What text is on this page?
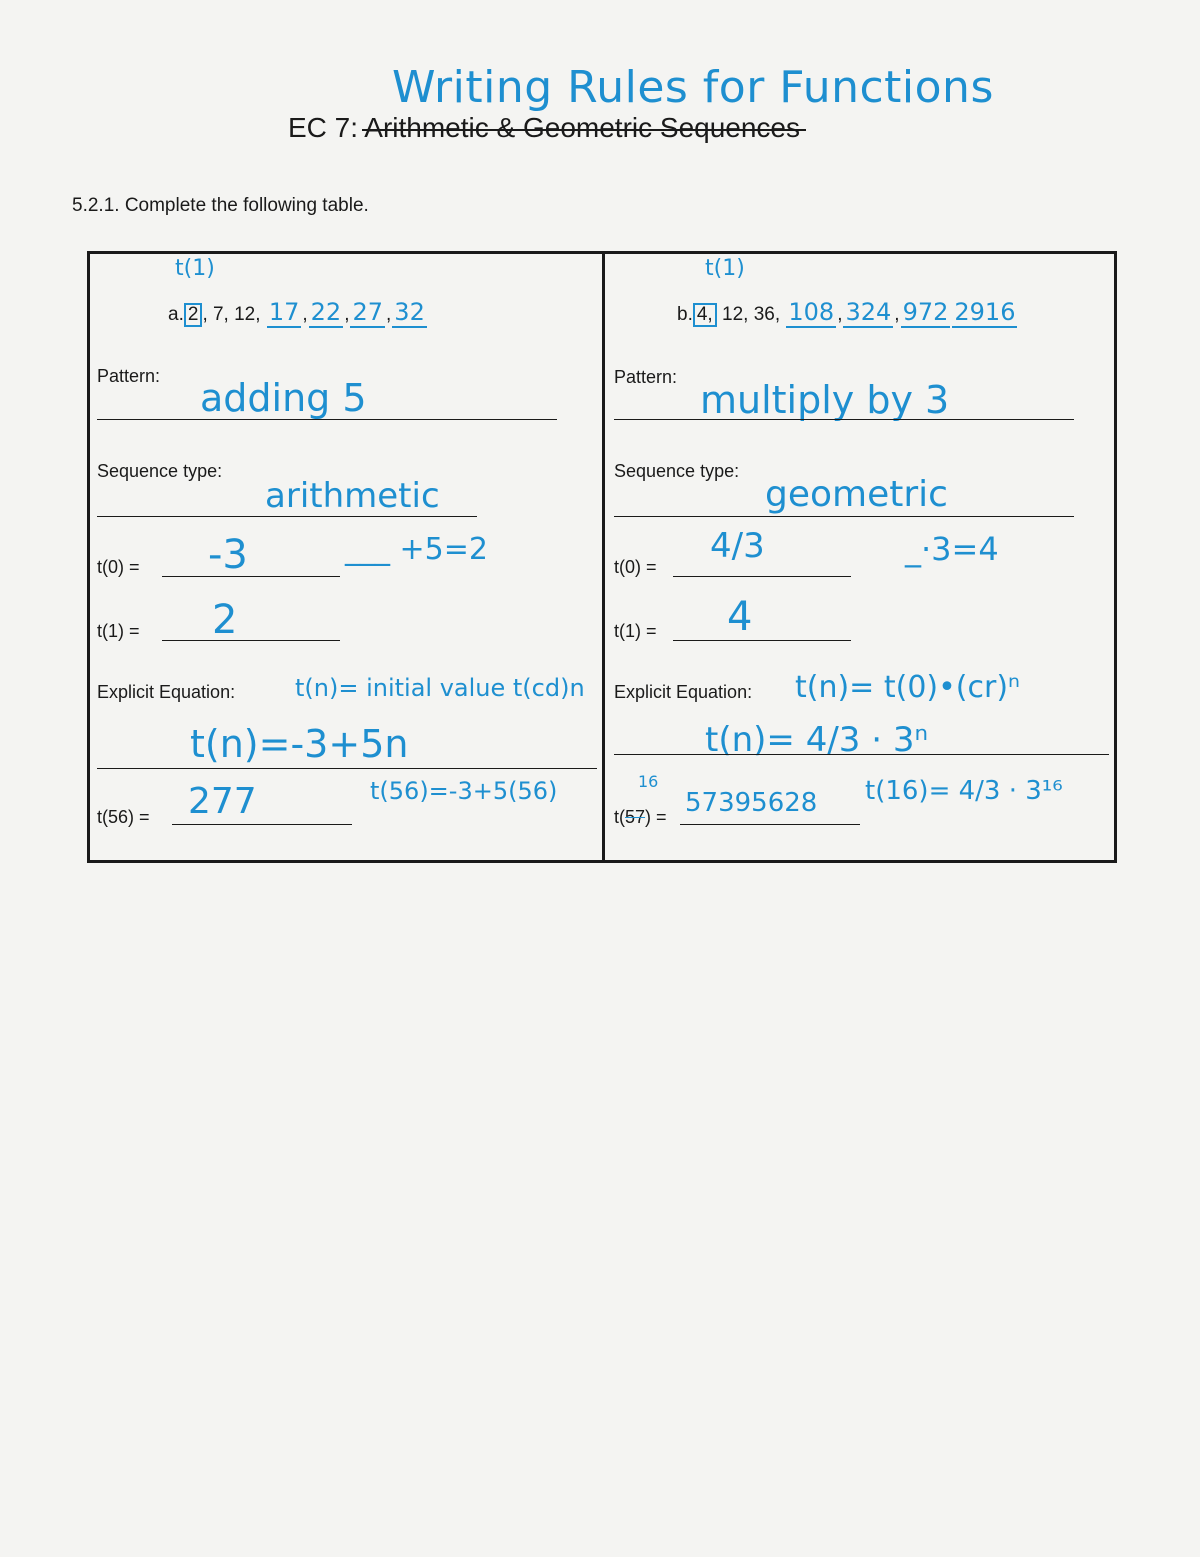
Writing Rules for Functions
EC 7: Arithmetic & Geometric Sequences
5.2.1. Complete the following table.
t(1)
a. 2 , 7, 12, 17 , 22 , 27 , 32
Pattern: adding 5
Sequence type:
arithmetic
t(0) = -3	___ +5=2
t(1) = 2
Explicit Equation: t(n)= initial value t(cd)n
t(n)=-3+5n
t(56) = 277	t(56)=-3+5(56)
t(1)
b. 4, 12, 36, 108 , 324 , 972 2916
Pattern:
multiply by 3
Sequence type:
geometric
t(0) =
4/3	_·3=4
t(1) = 4
Explicit Equation: t(n)= t(0)•(cr)ⁿ
t(n)= 4/3 · 3ⁿ
16
t(57) = 57395628 t(16)= 4/3 · 3¹⁶
